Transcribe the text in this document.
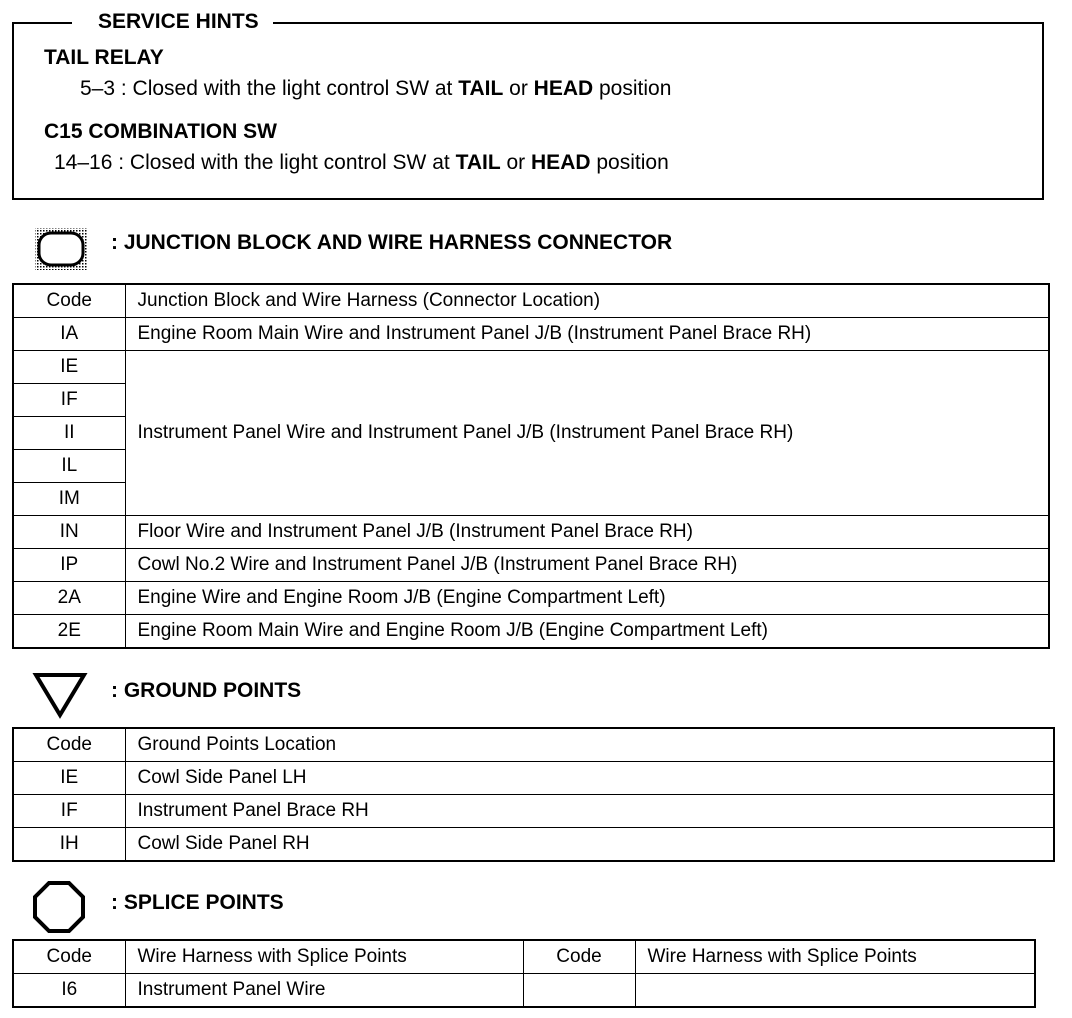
SERVICE HINTS
TAIL RELAY
5–3 : Closed with the light control SW at TAIL or HEAD position
C15 COMBINATION SW
14–16 : Closed with the light control SW at TAIL or HEAD position
: JUNCTION BLOCK AND WIRE HARNESS CONNECTOR
Code	Junction Block and Wire Harness (Connector Location)
IA	Engine Room Main Wire and Instrument Panel J/B (Instrument Panel Brace RH)
IE	Instrument Panel Wire and Instrument Panel J/B (Instrument Panel Brace RH)
IF	
II	
IL	
IM	
IN	Floor Wire and Instrument Panel J/B (Instrument Panel Brace RH)
IP	Cowl No.2 Wire and Instrument Panel J/B (Instrument Panel Brace RH)
2A	Engine Wire and Engine Room J/B (Engine Compartment Left)
2E	Engine Room Main Wire and Engine Room J/B (Engine Compartment Left)
: GROUND POINTS
Code	Ground Points Location
IE	Cowl Side Panel LH
IF	Instrument Panel Brace RH
IH	Cowl Side Panel RH
: SPLICE POINTS
Code	Wire Harness with Splice Points	Code	Wire Harness with Splice Points
I6	Instrument Panel Wire		
